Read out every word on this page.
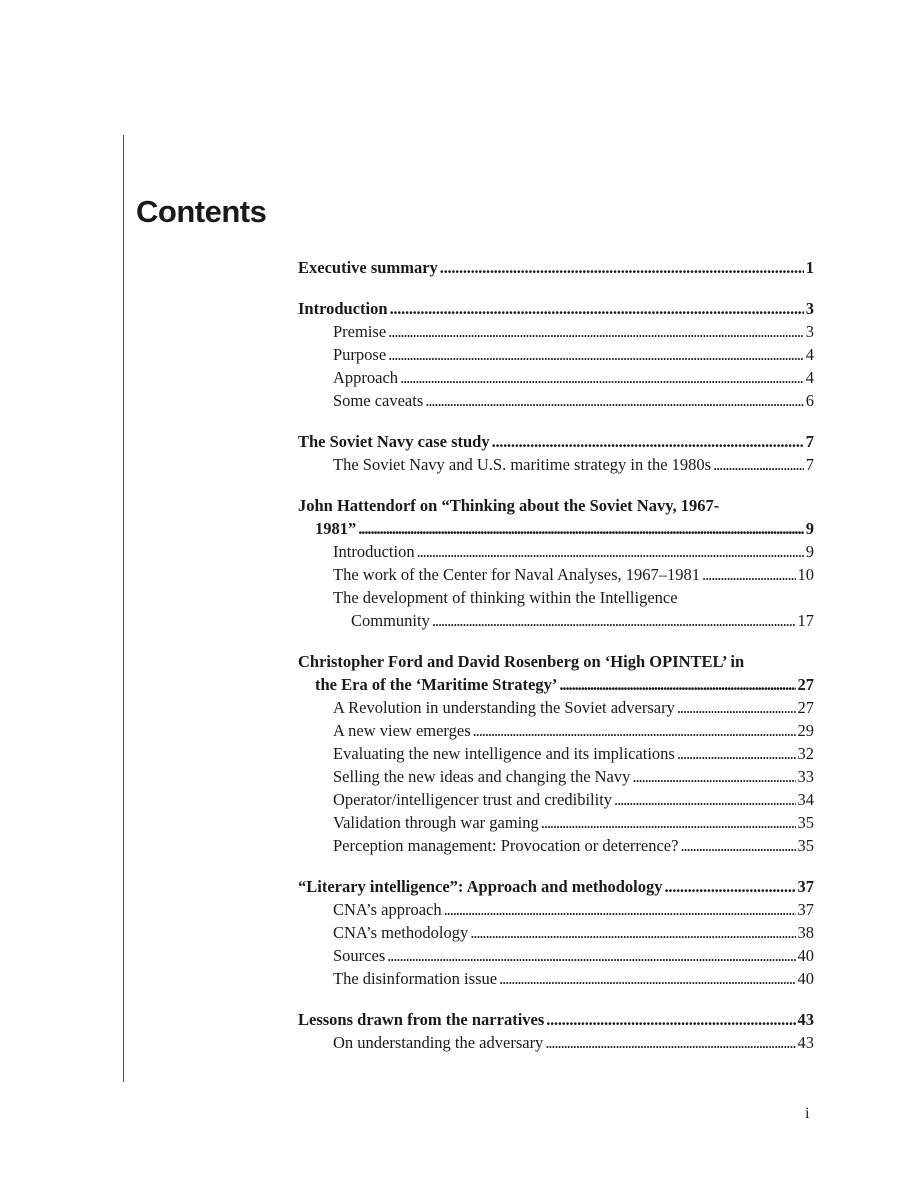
Contents
Executive summary . . .	1
Introduction . . .	3
Premise . . .	3
Purpose . . .	4
Approach . . .	4
Some caveats . . .	6
The Soviet Navy case study . . .	7
The Soviet Navy and U.S. maritime strategy in the 1980s . . .	7
John Hattendorf on “Thinking about the Soviet Navy, 1967-
1981” . . .	9
Introduction . . .	9
The work of the Center for Naval Analyses, 1967–1981 . . .	10
The development of thinking within the Intelligence
Community . . .	17
Christopher Ford and David Rosenberg on ‘High OPINTEL’ in
the Era of the ‘Maritime Strategy’ . . .	27
A Revolution in understanding the Soviet adversary . . .	27
A new view emerges . . .	29
Evaluating the new intelligence and its implications . . .	32
Selling the new ideas and changing the Navy . . .	33
Operator/intelligencer trust and credibility . . .	34
Validation through war gaming . . .	35
Perception management: Provocation or deterrence? . . .	35
“Literary intelligence”: Approach and methodology . . .	37
CNA’s approach . . .	37
CNA’s methodology . . .	38
Sources . . .	40
The disinformation issue . . .	40
Lessons drawn from the narratives . . .	43
On understanding the adversary . . .	43
i
